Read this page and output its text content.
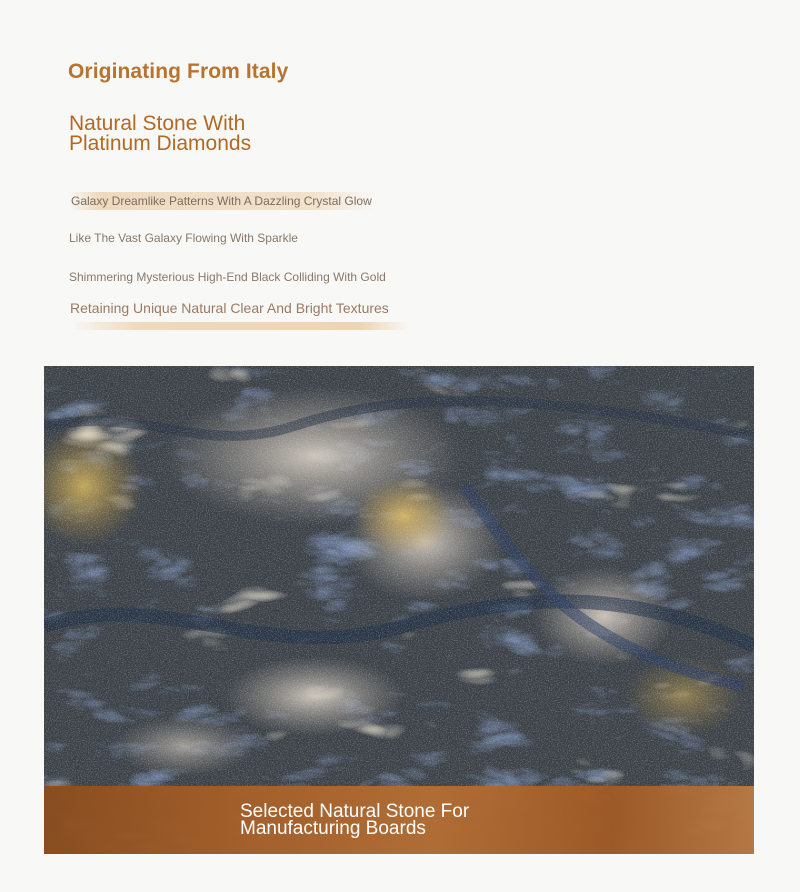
Originating From Italy
Natural Stone With
Platinum Diamonds
Galaxy Dreamlike Patterns With A Dazzling Crystal Glow
Like The Vast Galaxy Flowing With Sparkle
Shimmering Mysterious High-End Black Colliding With Gold
Retaining Unique Natural Clear And Bright Textures
Selected Natural Stone For
Manufacturing Boards
